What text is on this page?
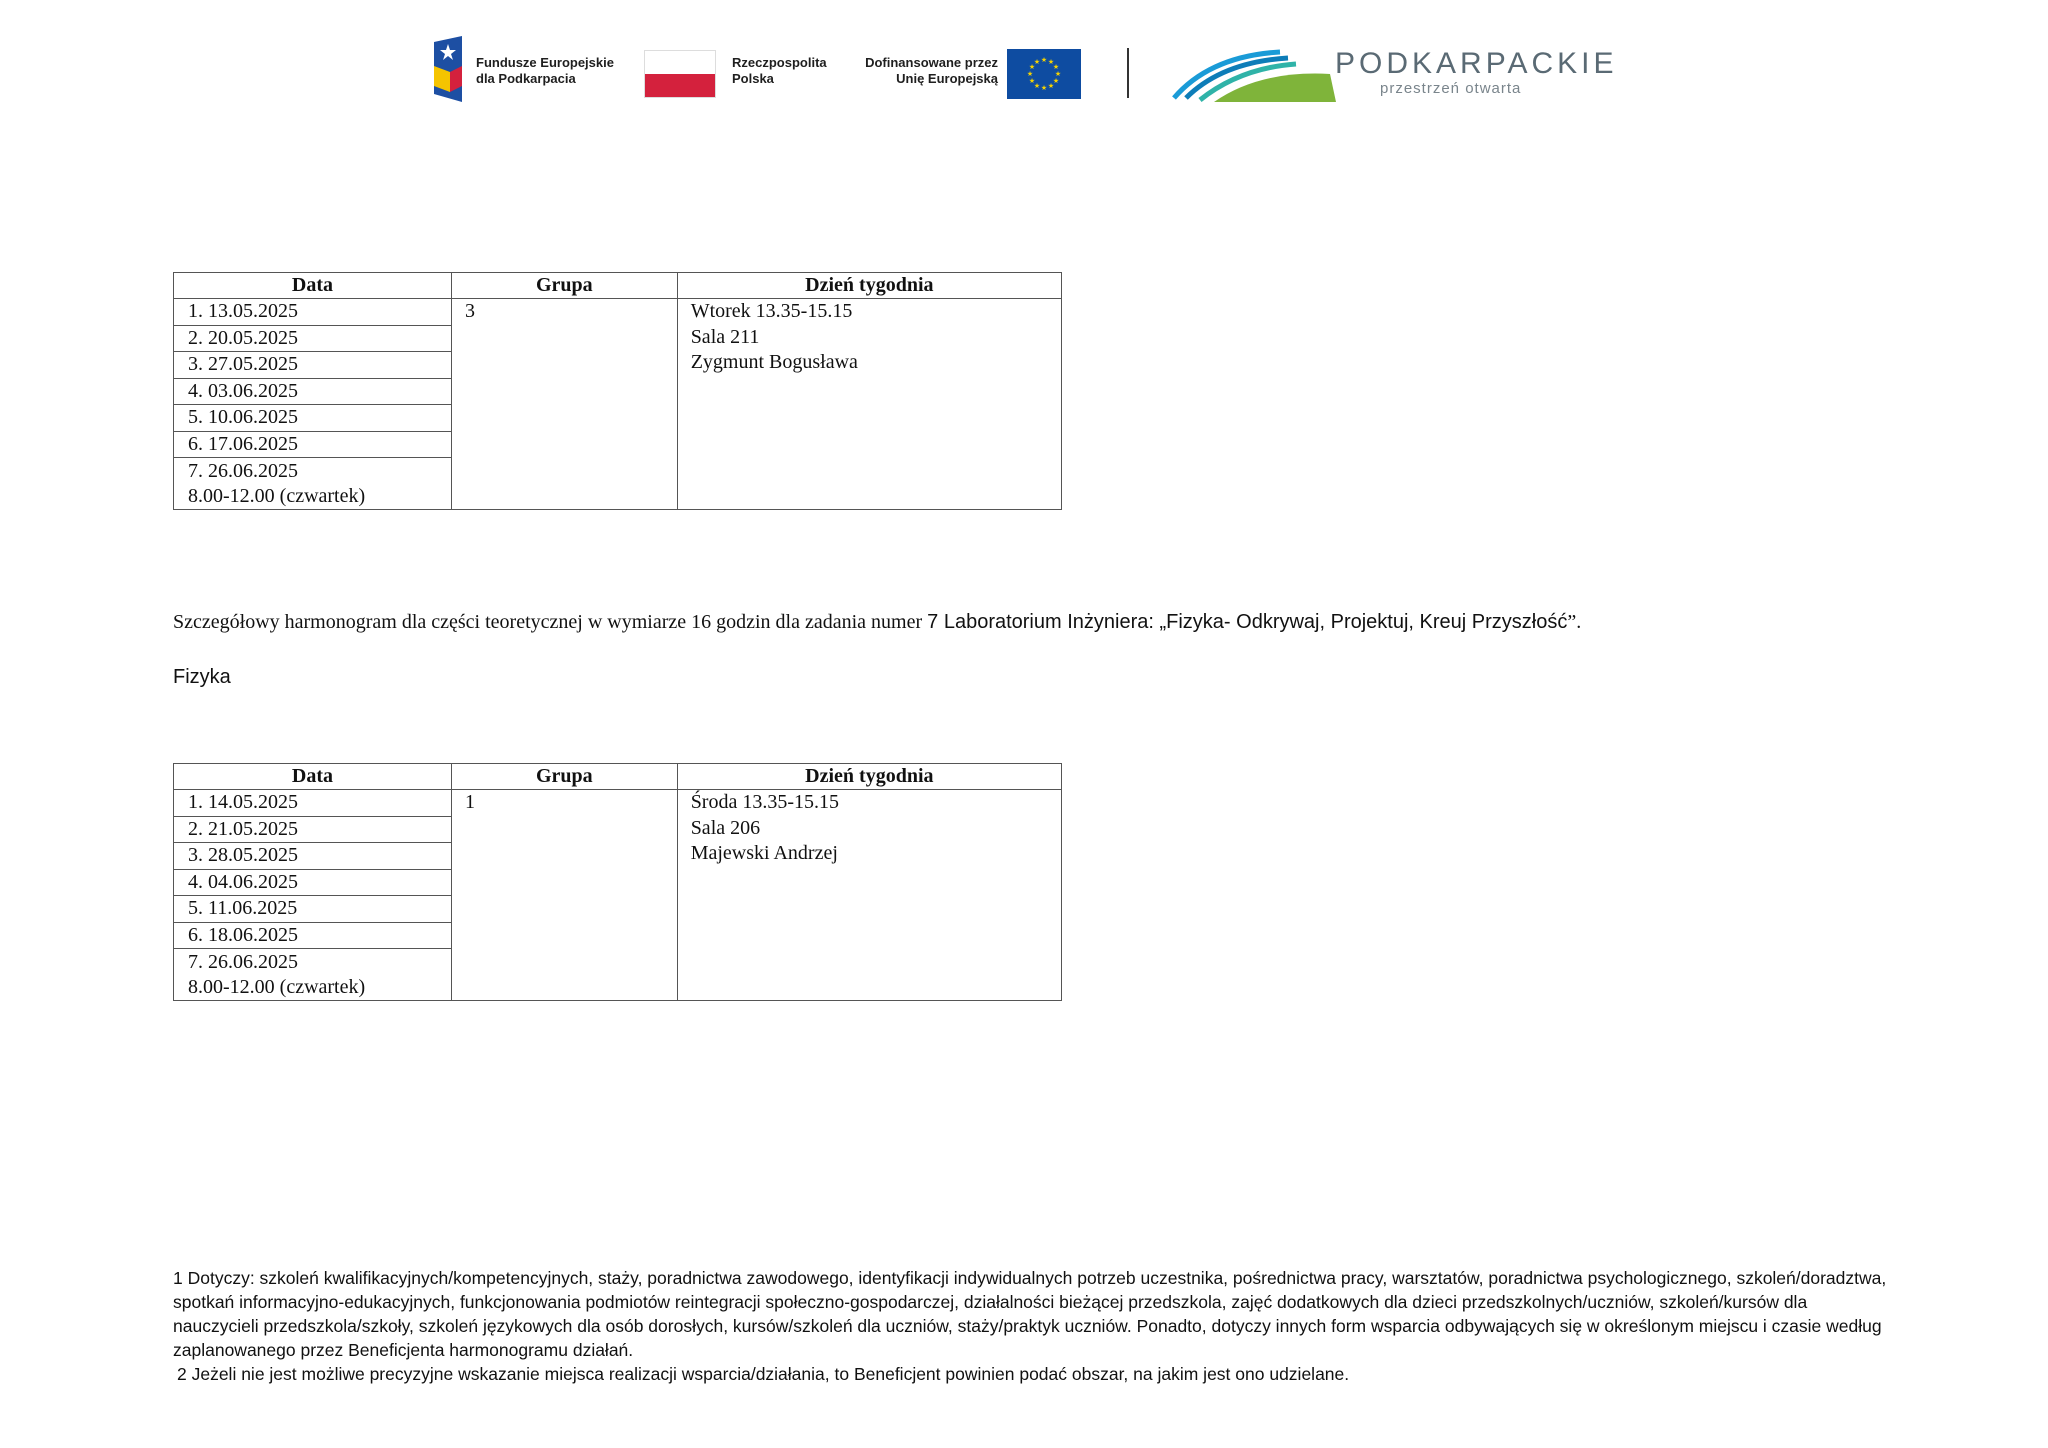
Fundusze Europejskie
dla Podkarpacia
Rzeczpospolita
Polska
Dofinansowane przez
Unię Europejską
★ ★
★
★
★
★
★
★
★
★
★
★	PODKARPACKIE
przestrzeń otwarta
Data	Grupa	Dzień tygodnia
1. 13.05.2025	3	Wtorek 13.35-15.15
Sala 211
Zygmunt Bogusława

2. 20.05.2025		
3. 27.05.2025		
4. 03.06.2025		
5. 10.06.2025		
6. 17.06.2025		

7. 26.06.2025
8.00-12.00 (czwartek)		
Szczegółowy harmonogram dla części teoretycznej w wymiarze 16 godzin dla zadania numer 7 Laboratorium Inżyniera: „Fizyka- Odkrywaj, Projektuj, Kreuj Przyszłość”.
Fizyka
Data	Grupa	Dzień tygodnia
1. 14.05.2025	1	Środa 13.35-15.15
Sala 206
Majewski Andrzej

2. 21.05.2025		
3. 28.05.2025		
4. 04.06.2025		
5. 11.06.2025		
6. 18.06.2025		

7. 26.06.2025
8.00-12.00 (czwartek)		

1 Dotyczy: szkoleń kwalifikacyjnych/kompetencyjnych, staży, poradnictwa zawodowego, identyfikacji indywidualnych potrzeb uczestnika, pośrednictwa pracy, warsztatów, poradnictwa psychologicznego, szkoleń/doradztwa, spotkań informacyjno-edukacyjnych, funkcjonowania podmiotów reintegracji społeczno-gospodarczej, działalności bieżącej przedszkola, zajęć dodatkowych dla dzieci przedszkolnych/uczniów, szkoleń/kursów dla nauczycieli przedszkola/szkoły, szkoleń językowych dla osób dorosłych, kursów/szkoleń dla uczniów, staży/praktyk uczniów. Ponadto, dotyczy innych form wsparcia odbywających się w określonym miejscu i czasie według zaplanowanego przez Beneficjenta harmonogramu działań.

2 Jeżeli nie jest możliwe precyzyjne wskazanie miejsca realizacji wsparcia/działania, to Beneficjent powinien podać obszar, na jakim jest ono udzielane.
